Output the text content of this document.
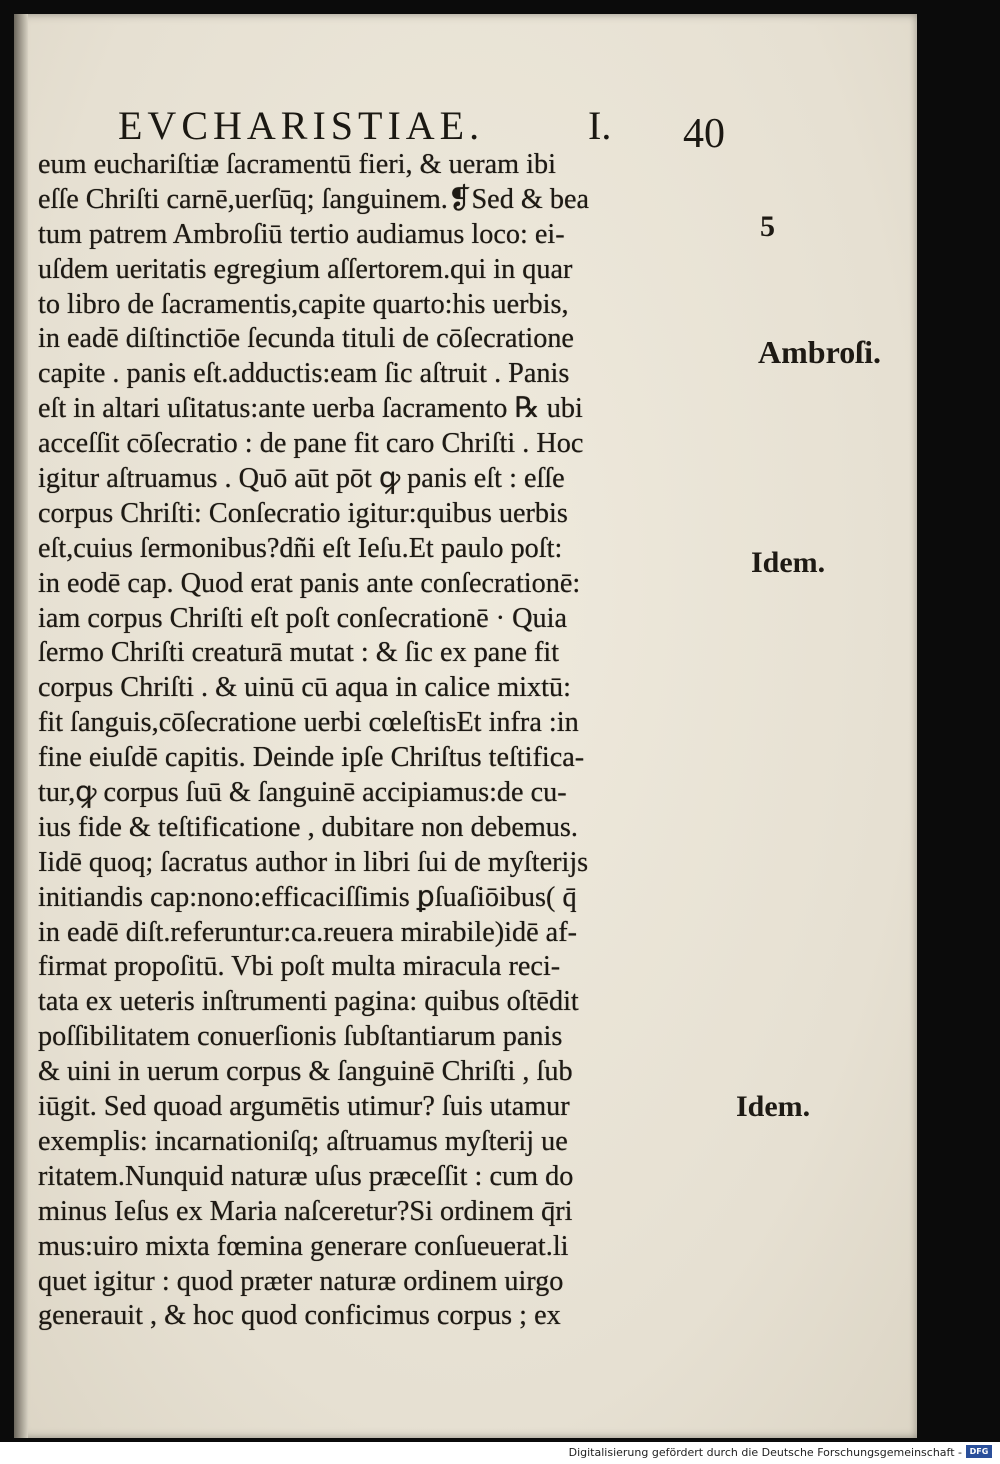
EVCHARISTIAE.	I. 40
eum euchariſtiæ ſacramentū fieri, & ueram ibi
eſſe Chriſti carnē,uerſūq; ſanguinem.❡Sed & bea
tum patrem Ambroſiū tertio audiamus loco: ei-
uſdem ueritatis egregium aſſertorem.qui in quar
to libro de ſacramentis,capite quarto:his uerbis,
in eadē diſtinctiōe ſecunda tituli de cōſecratione
capite . panis eſt.adductis:eam ſic aſtruit . Panis
eſt in altari uſitatus:ante uerba ſacramento ℞ ubi
acceſſit cōſecratio : de pane fit caro Chriſti . Hoc
igitur aſtruamus . Quō aūt pōt ꝙ panis eſt : eſſe
corpus Chriſti: Conſecratio igitur:quibus uerbis
eſt,cuius ſermonibus?dñi eſt Ieſu.Et paulo poſt:
in eodē cap. Quod erat panis ante conſecrationē:
iam corpus Chriſti eſt poſt conſecrationē · Quia
ſermo Chriſti creaturā mutat : & ſic ex pane fit
corpus Chriſti . & uinū cū aqua in calice mixtū:
fit ſanguis,cōſecratione uerbi cœleſtisEt infra :in
fine eiuſdē capitis. Deinde ipſe Chriſtus teſtifica-
tur,ꝙ corpus ſuū & ſanguinē accipiamus:de cu-
ius fide & teſtificatione , dubitare non debemus.
Iidē quoq; ſacratus author in libri ſui de myſterijs
initiandis cap:nono:efficaciſſimis ꝑſuaſiōibus( q̄
in eadē diſt.referuntur:ca.reuera mirabile)idē af-
firmat propoſitū. Vbi poſt multa miracula reci-
tata ex ueteris inſtrumenti pagina: quibus oſtēdit
poſſibilitatem conuerſionis ſubſtantiarum panis
& uini in uerum corpus & ſanguinē Chriſti , ſub
iūgit. Sed quoad argumētis utimur? ſuis utamur
exemplis: incarnationiſq; aſtruamus myſterij ue
ritatem.Nunquid naturæ uſus præceſſit : cum do
minus Ieſus ex Maria naſceretur?Si ordinem q̄ri
mus:uiro mixta fœmina generare conſueuerat.li
quet igitur : quod præter naturæ ordinem uirgo
generauit , & hoc quod conficimus corpus ; ex
5
Ambroſi.
Idem.
Idem.
Digitalisierung gefördert durch die Deutsche Forschungsgemeinschaft - DFG
